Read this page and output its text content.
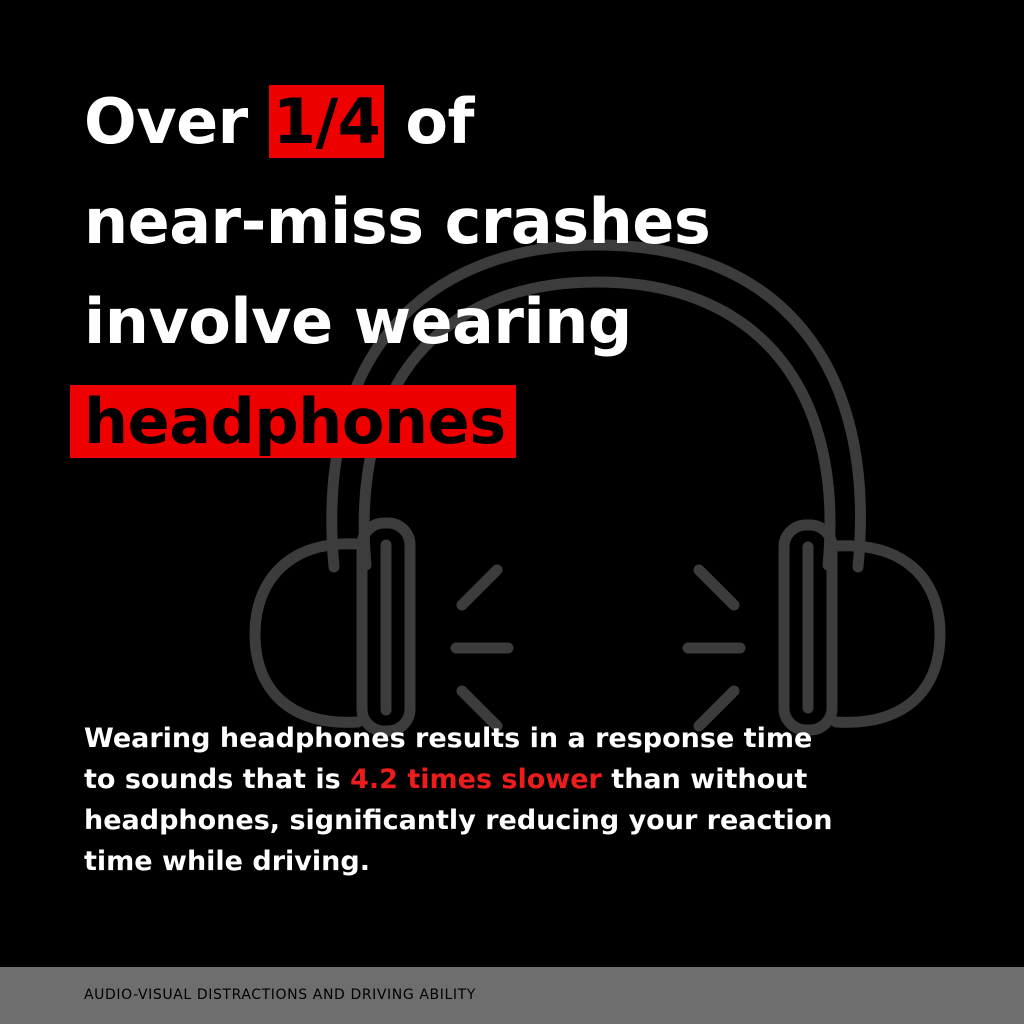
Over 1/4 of
near-miss crashes
involve wearing
headphones

Wearing headphones results in a response time to sounds that is 4.2 times slower than without headphones, significantly reducing your reaction time while driving.

AUDIO-VISUAL DISTRACTIONS AND DRIVING ABILITY
